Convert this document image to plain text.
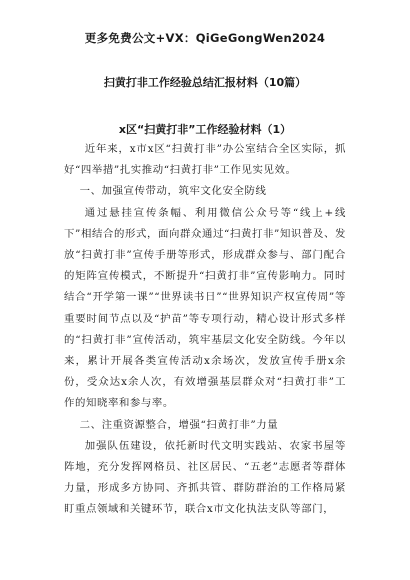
更多免费公文+VX：QiGeGongWen2024
扫黄打非工作经验总结汇报材料（10篇）
x区“扫黄打非”工作经验材料（1）

近年来，x市x区“扫黄打非”办公室结合全区实际，抓好“四举措”扎实推动“扫黄打非”工作见实见效。

一、加强宣传带动，筑牢文化安全防线

通过悬挂宣传条幅、利用微信公众号等“线上+线下”相结合的形式，面向群众通过“扫黄打非”知识普及、发放“扫黄打非”宣传手册等形式，形成群众参与、部门配合的矩阵宣传模式，不断提升“扫黄打非”宣传影响力。同时结合“开学第一课”“世界读书日”“世界知识产权宣传周”等重要时间节点以及“护苗”等专项行动，精心设计形式多样的“扫黄打非”宣传活动，筑牢基层文化安全防线。今年以来，累计开展各类宣传活动x余场次，发放宣传手册x余份，受众达x余人次，有效增强基层群众对“扫黄打非”工作的知晓率和参与率。

二、注重资源整合，增强“扫黄打非”力量

加强队伍建设，依托新时代文明实践站、农家书屋等阵地，充分发挥网格员、社区居民、“五老”志愿者等群体力量，形成多方协同、齐抓共管、群防群治的工作格局紧盯重点领域和关键环节，联合x市文化执法支队等部门，
